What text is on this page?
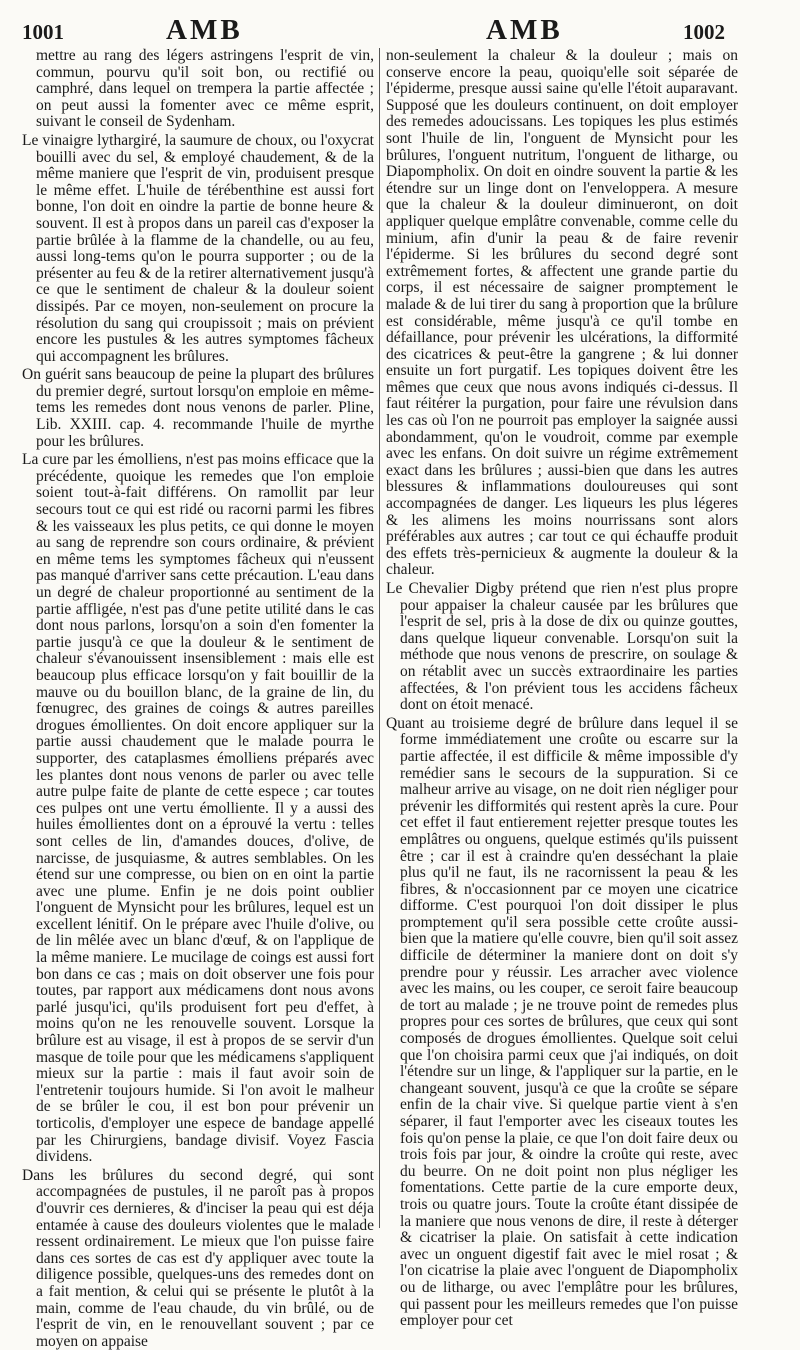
1001	AMB	AMB	1002

mettre au rang des légers astringens l'esprit de vin, commun, pourvu qu'il soit bon, ou rectifié ou camphré, dans lequel on trempera la partie affectée ; on peut aussi la fomenter avec ce même esprit, suivant le conseil de Sydenham.

Le vinaigre lythargiré, la saumure de choux, ou l'oxycrat bouilli avec du sel, & employé chaudement, & de la même maniere que l'esprit de vin, produisent presque le même effet. L'huile de térébenthine est aussi fort bonne, l'on doit en oindre la partie de bonne heure & souvent. Il est à propos dans un pareil cas d'exposer la partie brûlée à la flamme de la chandelle, ou au feu, aussi long-tems qu'on le pourra supporter ; ou de la présenter au feu & de la retirer alternativement jusqu'à ce que le sentiment de chaleur & la douleur soient dissipés. Par ce moyen, non-seulement on procure la résolution du sang qui croupissoit ; mais on prévient encore les pustules & les autres symptomes fâcheux qui accompagnent les brûlures.

On guérit sans beaucoup de peine la plupart des brûlures du premier degré, surtout lorsqu'on emploie en même-tems les remedes dont nous venons de parler. Pline, Lib. XXIII. cap. 4. recommande l'huile de myrthe pour les brûlures.

La cure par les émolliens, n'est pas moins efficace que la précédente, quoique les remedes que l'on emploie soient tout-à-fait différens. On ramollit par leur secours tout ce qui est ridé ou racorni parmi les fibres & les vaisseaux les plus petits, ce qui donne le moyen au sang de reprendre son cours ordinaire, & prévient en même tems les symptomes fâcheux qui n'eussent pas manqué d'arriver sans cette précaution. L'eau dans un degré de chaleur proportionné au sentiment de la partie affligée, n'est pas d'une petite utilité dans le cas dont nous parlons, lorsqu'on a soin d'en fomenter la partie jusqu'à ce que la douleur & le sentiment de chaleur s'évanouissent insensiblement : mais elle est beaucoup plus efficace lorsqu'on y fait bouillir de la mauve ou du bouillon blanc, de la graine de lin, du fœnugrec, des graines de coings & autres pareilles drogues émollientes. On doit encore appliquer sur la partie aussi chaudement que le malade pourra le supporter, des cataplasmes émolliens préparés avec les plantes dont nous venons de parler ou avec telle autre pulpe faite de plante de cette espece ; car toutes ces pulpes ont une vertu émolliente. Il y a aussi des huiles émollientes dont on a éprouvé la vertu : telles sont celles de lin, d'amandes douces, d'olive, de narcisse, de jusquiasme, & autres semblables. On les étend sur une compresse, ou bien on en oint la partie avec une plume. Enfin je ne dois point oublier l'onguent de Mynsicht pour les brûlures, lequel est un excellent lénitif. On le prépare avec l'huile d'olive, ou de lin mêlée avec un blanc d'œuf, & on l'applique de la même maniere. Le mucilage de coings est aussi fort bon dans ce cas ; mais on doit observer une fois pour toutes, par rapport aux médicamens dont nous avons parlé jusqu'ici, qu'ils produisent fort peu d'effet, à moins qu'on ne les renouvelle souvent. Lorsque la brûlure est au visage, il est à propos de se servir d'un masque de toile pour que les médicamens s'appliquent mieux sur la partie : mais il faut avoir soin de l'entretenir toujours humide. Si l'on avoit le malheur de se brûler le cou, il est bon pour prévenir un torticolis, d'employer une espece de bandage appellé par les Chirurgiens, bandage divisif. Voyez Fascia dividens.

Dans les brûlures du second degré, qui sont accompagnées de pustules, il ne paroît pas à propos d'ouvrir ces dernieres, & d'inciser la peau qui est déja entamée à cause des douleurs violentes que le malade ressent ordinairement. Le mieux que l'on puisse faire dans ces sortes de cas est d'y appliquer avec toute la diligence possible, quelques-uns des remedes dont on a fait mention, & celui qui se présente le plutôt à la main, comme de l'eau chaude, du vin brûlé, ou de l'esprit de vin, en le renouvellant souvent ; par ce moyen on appaise

non-seulement la chaleur & la douleur ; mais on conserve encore la peau, quoiqu'elle soit séparée de l'épiderme, presque aussi saine qu'elle l'étoit auparavant. Supposé que les douleurs continuent, on doit employer des remedes adoucissans. Les topiques les plus estimés sont l'huile de lin, l'onguent de Mynsicht pour les brûlures, l'onguent nutritum, l'onguent de litharge, ou Diapompholix. On doit en oindre souvent la partie & les étendre sur un linge dont on l'enveloppera. A mesure que la chaleur & la douleur diminueront, on doit appliquer quelque emplâtre convenable, comme celle du minium, afin d'unir la peau & de faire revenir l'épiderme. Si les brûlures du second degré sont extrêmement fortes, & affectent une grande partie du corps, il est nécessaire de saigner promptement le malade & de lui tirer du sang à proportion que la brûlure est considérable, même jusqu'à ce qu'il tombe en défaillance, pour prévenir les ulcérations, la difformité des cicatrices & peut-être la gangrene ; & lui donner ensuite un fort purgatif. Les topiques doivent être les mêmes que ceux que nous avons indiqués ci-dessus. Il faut réitérer la purgation, pour faire une révulsion dans les cas où l'on ne pourroit pas employer la saignée aussi abondamment, qu'on le voudroit, comme par exemple avec les enfans. On doit suivre un régime extrêmement exact dans les brûlures ; aussi-bien que dans les autres blessures & inflammations douloureuses qui sont accompagnées de danger. Les liqueurs les plus légeres & les alimens les moins nourrissans sont alors préférables aux autres ; car tout ce qui échauffe produit des effets très-pernicieux & augmente la douleur & la chaleur.

Le Chevalier Digby prétend que rien n'est plus propre pour appaiser la chaleur causée par les brûlures que l'esprit de sel, pris à la dose de dix ou quinze gouttes, dans quelque liqueur convenable. Lorsqu'on suit la méthode que nous venons de prescrire, on soulage & on rétablit avec un succès extraordinaire les parties affectées, & l'on prévient tous les accidens fâcheux dont on étoit menacé.

Quant au troisieme degré de brûlure dans lequel il se forme immédiatement une croûte ou escarre sur la partie affectée, il est difficile & même impossible d'y remédier sans le secours de la suppuration. Si ce malheur arrive au visage, on ne doit rien négliger pour prévenir les difformités qui restent après la cure. Pour cet effet il faut entierement rejetter presque toutes les emplâtres ou onguens, quelque estimés qu'ils puissent être ; car il est à craindre qu'en desséchant la plaie plus qu'il ne faut, ils ne racornissent la peau & les fibres, & n'occasionnent par ce moyen une cicatrice difforme. C'est pourquoi l'on doit dissiper le plus promptement qu'il sera possible cette croûte aussi-bien que la matiere qu'elle couvre, bien qu'il soit assez difficile de déterminer la maniere dont on doit s'y prendre pour y réussir. Les arracher avec violence avec les mains, ou les couper, ce seroit faire beaucoup de tort au malade ; je ne trouve point de remedes plus propres pour ces sortes de brûlures, que ceux qui sont composés de drogues émollientes. Quelque soit celui que l'on choisira parmi ceux que j'ai indiqués, on doit l'étendre sur un linge, & l'appliquer sur la partie, en le changeant souvent, jusqu'à ce que la croûte se sépare enfin de la chair vive. Si quelque partie vient à s'en séparer, il faut l'emporter avec les ciseaux toutes les fois qu'on pense la plaie, ce que l'on doit faire deux ou trois fois par jour, & oindre la croûte qui reste, avec du beurre. On ne doit point non plus négliger les fomentations. Cette partie de la cure emporte deux, trois ou quatre jours. Toute la croûte étant dissipée de la maniere que nous venons de dire, il reste à déterger & cicatriser la plaie. On satisfait à cette indication avec un onguent digestif fait avec le miel rosat ; & l'on cicatrise la plaie avec l'onguent de Diapompholix ou de litharge, ou avec l'emplâtre pour les brûlures, qui passent pour les meilleurs remedes que l'on puisse employer pour cet
